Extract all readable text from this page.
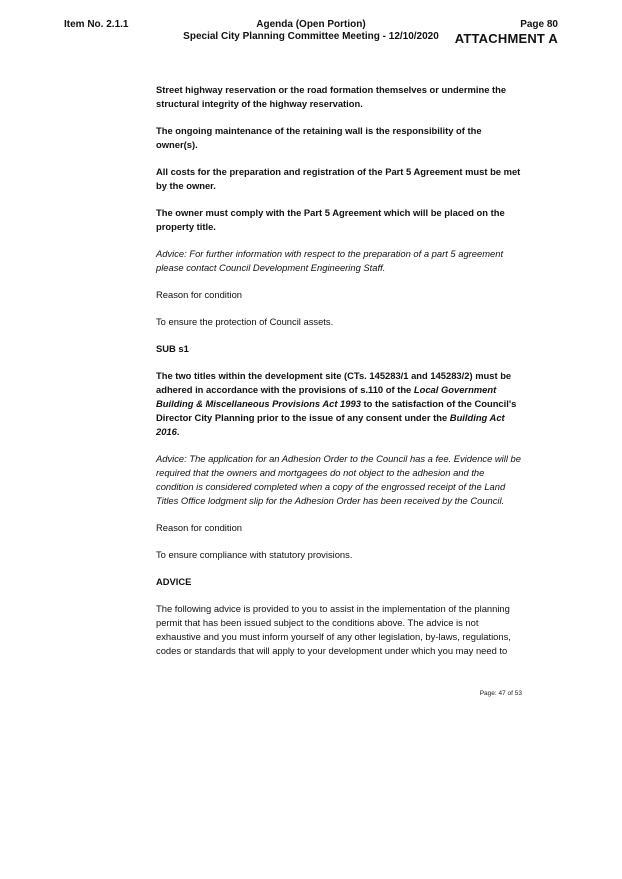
Item No. 2.1.1	Agenda (Open Portion)
Special City Planning Committee Meeting - 12/10/2020
Page 80
ATTACHMENT A

Street highway reservation or the road formation themselves or undermine the structural integrity of the highway reservation.

The ongoing maintenance of the retaining wall is the responsibility of the owner(s).

All costs for the preparation and registration of the Part 5 Agreement must be met by the owner.

The owner must comply with the Part 5 Agreement which will be placed on the property title.

Advice: For further information with respect to the preparation of a part 5 agreement please contact Council Development Engineering Staff.

Reason for condition

To ensure the protection of Council assets.

SUB s1

The two titles within the development site (CTs. 145283/1 and 145283/2) must be adhered in accordance with the provisions of s.110 of the Local Government Building & Miscellaneous Provisions Act 1993 to the satisfaction of the Council's Director City Planning prior to the issue of any consent under the Building Act 2016.

Advice: The application for an Adhesion Order to the Council has a fee. Evidence will be required that the owners and mortgagees do not object to the adhesion and the condition is considered completed when a copy of the engrossed receipt of the Land Titles Office lodgment slip for the Adhesion Order has been received by the Council.

Reason for condition

To ensure compliance with statutory provisions.

ADVICE

The following advice is provided to you to assist in the implementation of the planning permit that has been issued subject to the conditions above. The advice is not exhaustive and you must inform yourself of any other legislation, by-laws, regulations, codes or standards that will apply to your development under which you may need to

Page: 47 of 53
